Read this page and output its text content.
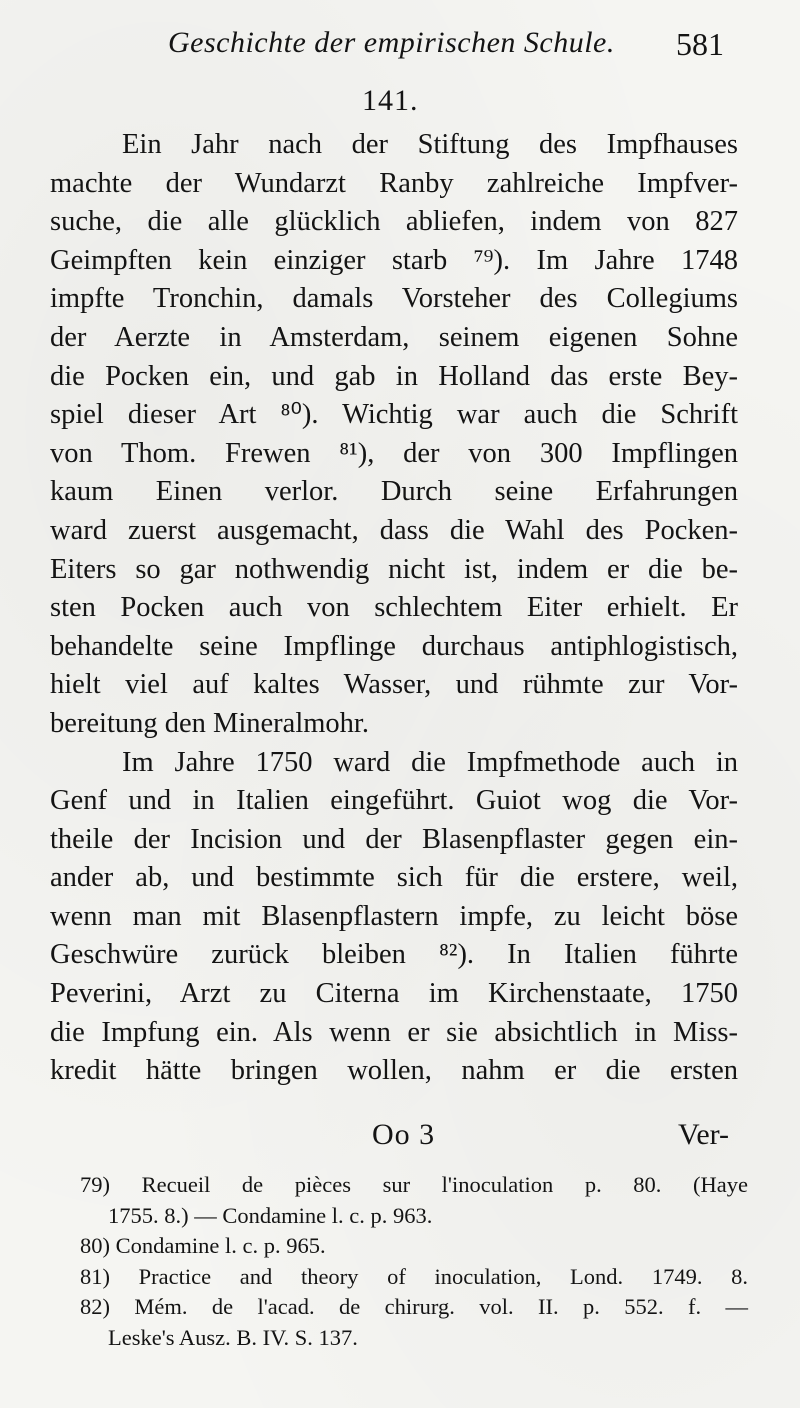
Geschichte der empirischen Schule. 581
141.
Ein Jahr nach der Stiftung des Impfhauses
machte der Wundarzt Ranby zahlreiche Impfver-
suche, die alle glücklich abliefen, indem von 827
Geimpften kein einziger starb ⁷⁹). Im Jahre 1748
impfte Tronchin, damals Vorsteher des Collegiums
der Aerzte in Amsterdam, seinem eigenen Sohne
die Pocken ein, und gab in Holland das erste Bey-
spiel dieser Art ⁸⁰). Wichtig war auch die Schrift
von Thom. Frewen ⁸¹), der von 300 Impflingen
kaum Einen verlor. Durch seine Erfahrungen
ward zuerst ausgemacht, dass die Wahl des Pocken-
Eiters so gar nothwendig nicht ist, indem er die be-
sten Pocken auch von schlechtem Eiter erhielt. Er
behandelte seine Impflinge durchaus antiphlogistisch,
hielt viel auf kaltes Wasser, und rühmte zur Vor-
bereitung den Mineralmohr.
Im Jahre 1750 ward die Impfmethode auch in
Genf und in Italien eingeführt. Guiot wog die Vor-
theile der Incision und der Blasenpflaster gegen ein-
ander ab, und bestimmte sich für die erstere, weil,
wenn man mit Blasenpflastern impfe, zu leicht böse
Geschwüre zurück bleiben ⁸²). In Italien führte
Peverini, Arzt zu Citerna im Kirchenstaate, 1750
die Impfung ein. Als wenn er sie absichtlich in Miss-
kredit hätte bringen wollen, nahm er die ersten
Oo 3	Ver-
79) Recueil de pièces sur l'inoculation p. 80. (Haye
1755. 8.) — Condamine l. c. p. 963.
80) Condamine l. c. p. 965.
81) Practice and theory of inoculation, Lond. 1749. 8.
82) Mém. de l'acad. de chirurg. vol. II. p. 552. f. —
Leske's Ausz. B. IV. S. 137.
